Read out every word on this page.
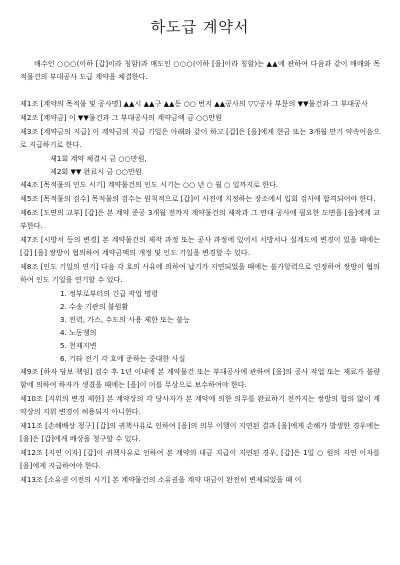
하도급 계약서
매수인 ○○○(이하 [갑]이라 칭함)과 매도인 ○○○(이하 [을]이라 칭함)는 ▲▲에 관하여 다음과 같이 매매와 목적물건의 부대공사 도급 계약을 체결한다.
제1조 [계약의 목적물 및 공사명] ▲▲시 ▲▲구 ▲▲동 ○○ 번지 ▲▲공사의 ▽▽공사 부문의 ▼▼물건과 그 부대공사
제2조 [계약금] 이 ▼▼물건과 그 부대공사의 계약금액 금 ○○만원
제3조 [계약금의 지급] 이 계약금의 지급 기일은 아래와 같이 하고 [갑]은 [을]에게 현금 또는 3개월 만기 약속어음으로 지급하기로 한다.
제1회 계약 체결시 금 ○○만원,
제2회 ▼▼ 완료시 금 ○○만원
제4조 [목적물의 인도 시기] 계약물건의 인도 시기는 ○○ 년 ○ 월 ○ 일까지로 한다.
제5조 [목적물의 검수] 목적물의 검수는 원칙적으로 [갑]이 사전에 지정하는 장소에서 입회 검사에 합격되어야 한다.
제6조 [도면의 교부] [갑]은 본 계약 준공 3개월 전까지 계약물건의 제작과 그 연대 공사에 필요한 도면을 [을]에게 교부한다.
제7조 [시방서 등의 변경] 본 계약물건의 제작 과정 또는 공사 과정에 있어서 시방서나 설계도에 변경이 있을 때에는 [갑] [을] 쌍방이 협의하여 계약금액의 개정 및 인도 기일을 변경할 수 있다.
제8조 [인도 기일의 연기] 다음 각 호의 사유에 의하여 납기가 지연되었을 때에는 불가항력으로 인정하여 쌍방이 협의하여 인도 기일을 연기할 수 있다.
1. 정부로부터의 긴급 작업 명령
2. 수송 기관의 불원활
3. 전력, 가스, 수도의 사용 제한 또는 불능
4. 노동쟁의
5. 천재지변
6. 기타 전기 각 호에 준하는 중대한 사실
제9조 [하자 담보 책임] 검수 후 1년 이내에 본 계약물건 또는 부대공사에 관하여 [을]의 공사 작업 또는 재료가 불량함에 의하여 하자가 생겼을 때에는 [을]이 이를 무상으로 보수하여야 한다.
제10조 [지위의 변경 제한] 본 계약상의 각 당사자가 본 계약에 의한 의무를 완료하기 전까지는 쌍방의 합의 없이 계약상의 지위 변경이 허용되지 아니한다.
제11조 [손해배상 청구] [갑]의 귀책사유로 인하여 [을]의 의무 이행이 지연된 결과 [을]에게 손해가 발생한 경우에는 [을]은 [갑]에게 배상을 청구할 수 있다.
제12조 [지연 이자] [갑]이 귀책사유로 인하여 본 계약의 대금 지급이 지연된 경우, [갑]은 1일 ○ 원의 지연 이자를 [을]에게 지급하여야 한다.
제13조 [소유권 이전의 시기] 본 계약물건의 소유권을 계약 대금이 완전히 변제되었을 때 이
